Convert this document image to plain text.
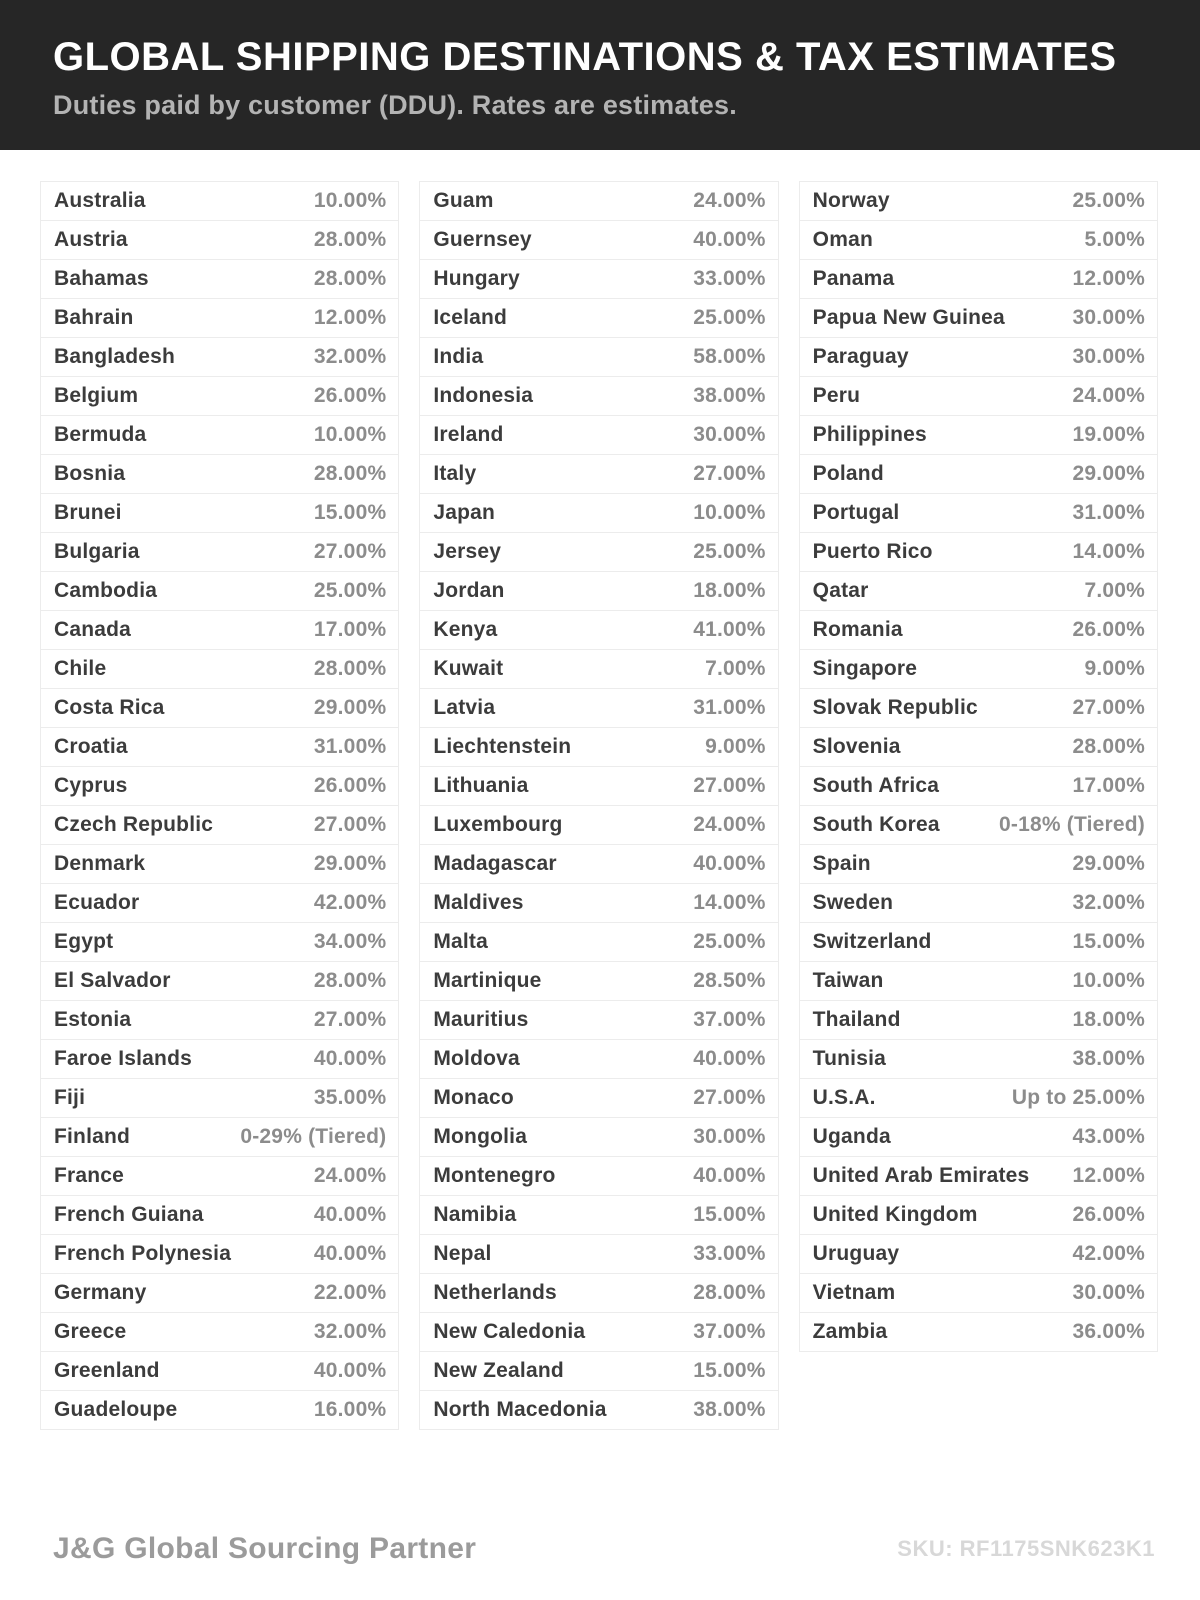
GLOBAL SHIPPING DESTINATIONS & TAX ESTIMATES
Duties paid by customer (DDU). Rates are estimates.
Australia	10.00%
Austria	28.00%
Bahamas	28.00%
Bahrain	12.00%
Bangladesh	32.00%
Belgium	26.00%
Bermuda	10.00%
Bosnia	28.00%
Brunei	15.00%
Bulgaria	27.00%
Cambodia	25.00%
Canada	17.00%
Chile	28.00%
Costa Rica	29.00%
Croatia	31.00%
Cyprus	26.00%
Czech Republic	27.00%
Denmark	29.00%
Ecuador	42.00%
Egypt	34.00%
El Salvador	28.00%
Estonia	27.00%
Faroe Islands	40.00%
Fiji	35.00%
Finland	0-29% (Tiered)
France	24.00%
French Guiana	40.00%
French Polynesia	40.00%
Germany	22.00%
Greece	32.00%
Greenland	40.00%
Guadeloupe	16.00%
Guam	24.00%
Guernsey	40.00%
Hungary	33.00%
Iceland	25.00%
India	58.00%
Indonesia	38.00%
Ireland	30.00%
Italy	27.00%
Japan	10.00%
Jersey	25.00%
Jordan	18.00%
Kenya	41.00%
Kuwait	7.00%
Latvia	31.00%
Liechtenstein	9.00%
Lithuania	27.00%
Luxembourg	24.00%
Madagascar	40.00%
Maldives	14.00%
Malta	25.00%
Martinique	28.50%
Mauritius	37.00%
Moldova	40.00%
Monaco	27.00%
Mongolia	30.00%
Montenegro	40.00%
Namibia	15.00%
Nepal	33.00%
Netherlands	28.00%
New Caledonia	37.00%
New Zealand	15.00%
North Macedonia	38.00%
Norway	25.00%
Oman	5.00%
Panama	12.00%
Papua New Guinea	30.00%
Paraguay	30.00%
Peru	24.00%
Philippines	19.00%
Poland	29.00%
Portugal	31.00%
Puerto Rico	14.00%
Qatar	7.00%
Romania	26.00%
Singapore	9.00%
Slovak Republic	27.00%
Slovenia	28.00%
South Africa	17.00%
South Korea	0-18% (Tiered)
Spain	29.00%
Sweden	32.00%
Switzerland	15.00%
Taiwan	10.00%
Thailand	18.00%
Tunisia	38.00%
U.S.A.	Up to 25.00%
Uganda	43.00%
United Arab Emirates 12.00%
United Kingdom	26.00%
Uruguay	42.00%
Vietnam	30.00%
Zambia	36.00%
J&G Global Sourcing Partner	SKU: RF1175SNK623K1
